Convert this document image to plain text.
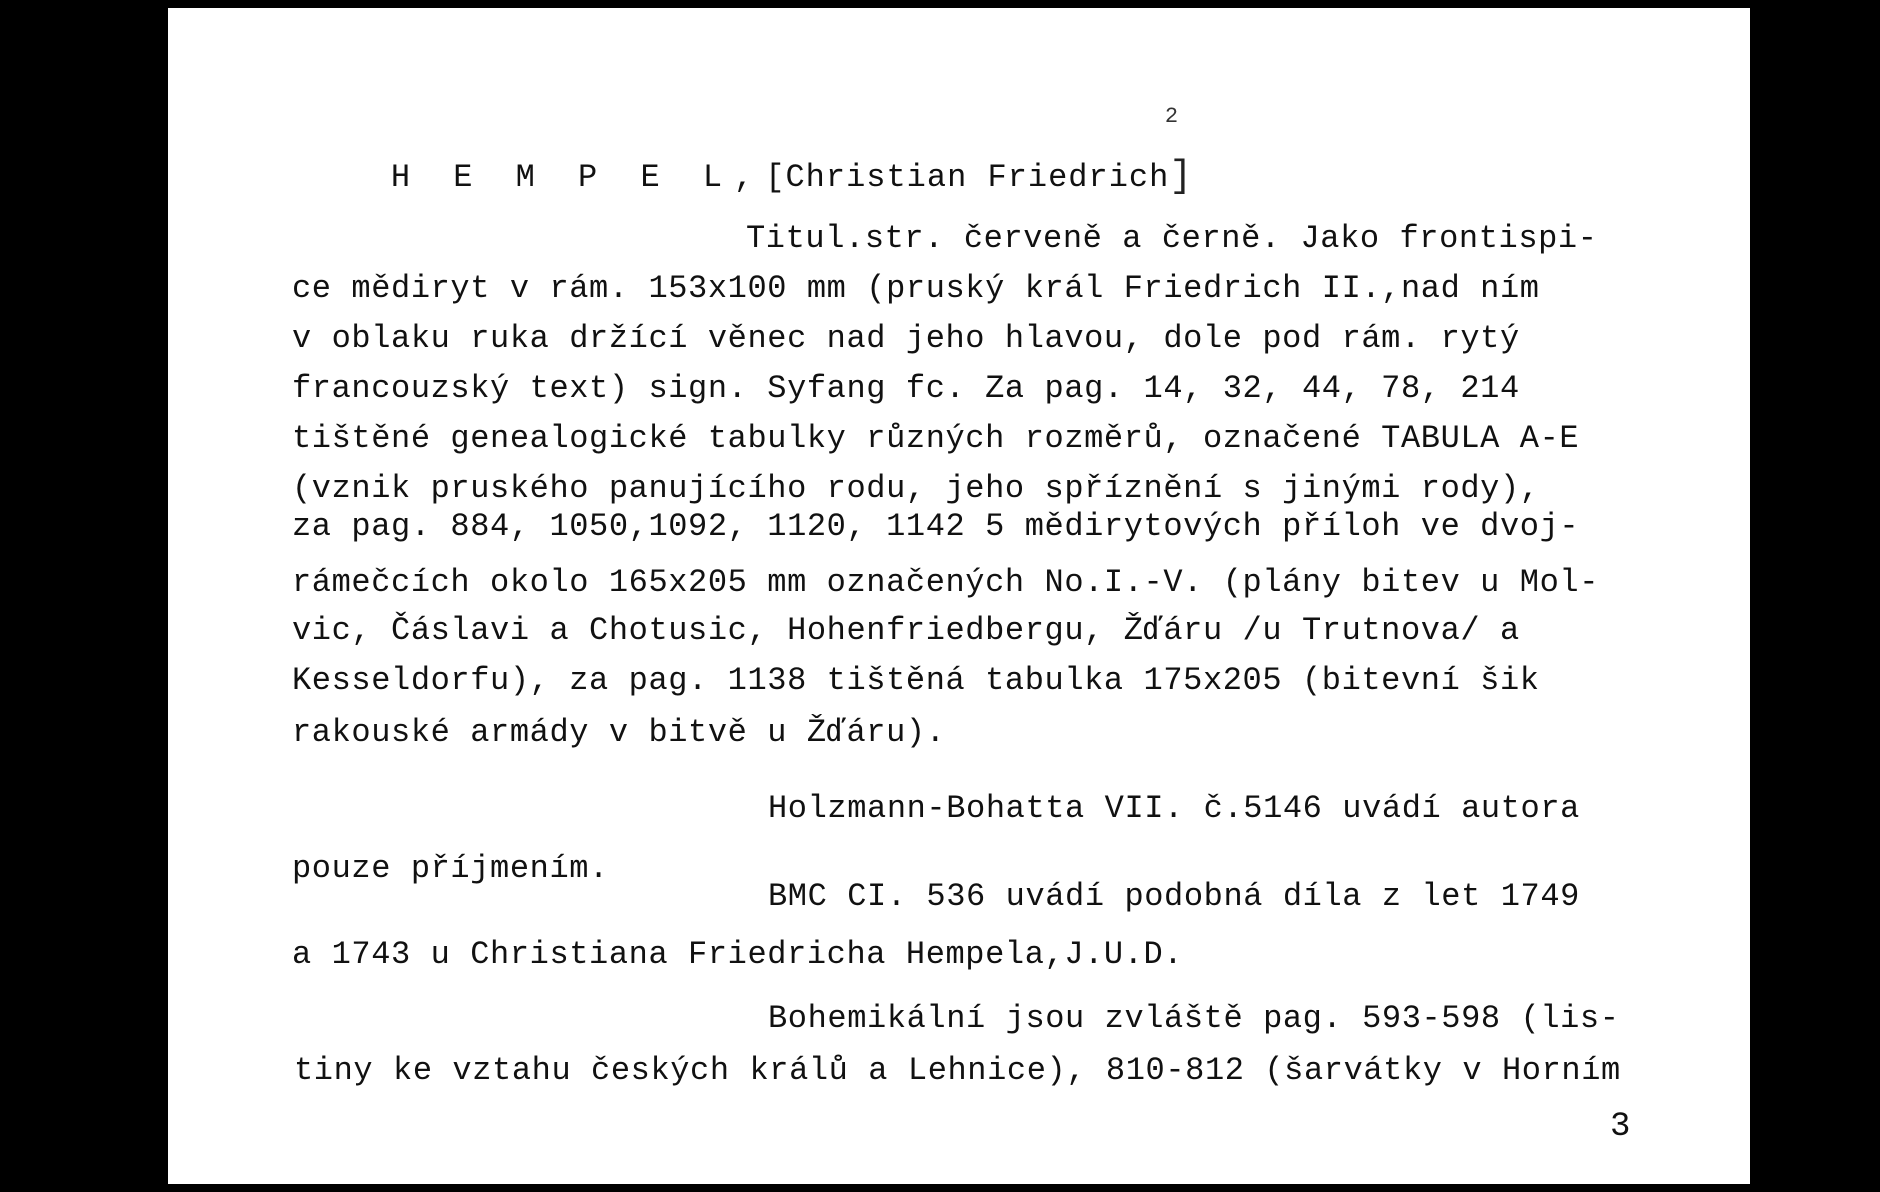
H E M P E L,[Christian Friedrich
2
]

Titul.str. červeně a černě. Jako frontispi-
ce mědiryt v rám. 153x100 mm (pruský král Friedrich II.,nad ním
v oblaku ruka držící věnec nad jeho hlavou, dole pod rám. rytý
francouzský text) sign. Syfang fc. Za pag. 14, 32, 44, 78, 214
tištěné genealogické tabulky různých rozměrů, označené TABULA A-E
(vznik pruského panujícího rodu, jeho spříznění s jinými rody),
za pag. 884, 1050,1092, 1120, 1142 5 mědirytových příloh ve dvoj-
rámečcích okolo 165x205 mm označených No.I.-V. (plány bitev u Mol-
vic, Čáslavi a Chotusic, Hohenfriedbergu, Žďáru /u Trutnova/ a
Kesseldorfu), za pag. 1138 tištěná tabulka 175x205 (bitevní šik
rakouské armády v bitvě u Žďáru).
Holzmann-Bohatta VII. č.5146 uvádí autora
pouze příjmením.
BMC CI. 536 uvádí podobná díla z let 1749
a 1743 u Christiana Friedricha Hempela,J.U.D.
Bohemikální jsou zvláště pag. 593-598 (lis-
tiny ke vztahu českých králů a Lehnice), 810-812 (šarvátky v Horním
3
